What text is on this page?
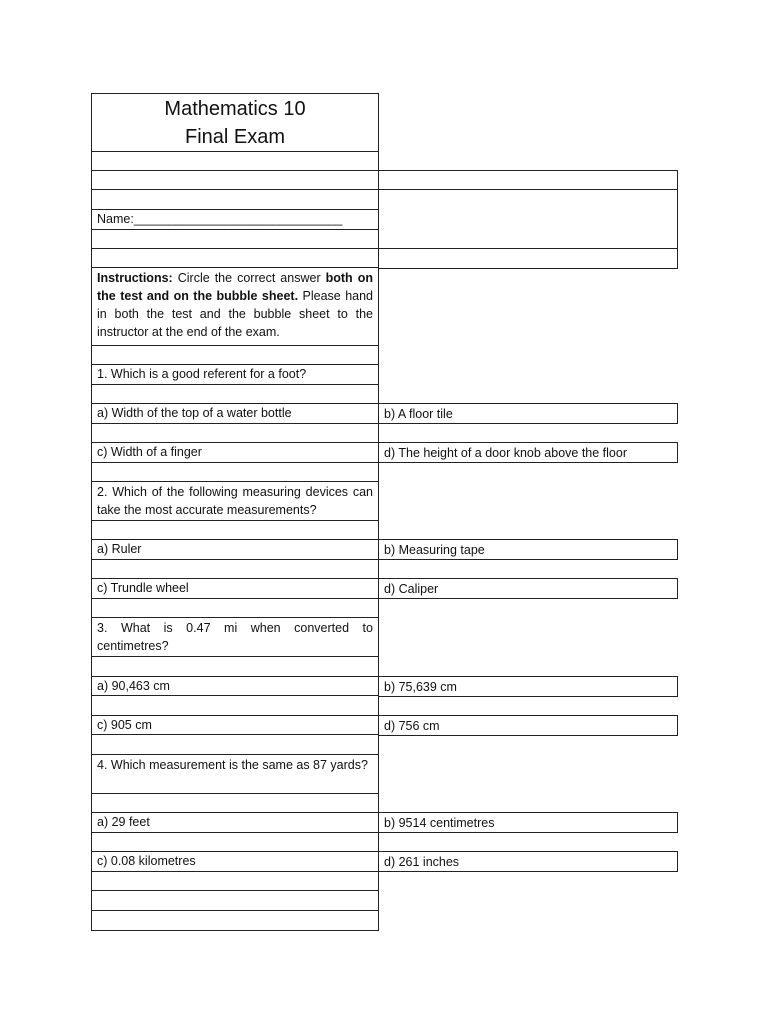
Mathematics 10
Final Exam
Name:______________________________
Instructions: Circle the correct answer both on the test and on the bubble sheet. Please hand in both the test and the bubble sheet to the instructor at the end of the exam.
1. Which is a good referent for a foot?
a) Width of the top of a water bottle	b) A floor tile
c) Width of a finger	d) The height of a door knob above the floor
2. Which of the following measuring devices can take the most accurate measurements?
a) Ruler	b) Measuring tape
c) Trundle wheel	d) Caliper
3. What is 0.47 mi when converted to centimetres?
a) 90,463 cm	b) 75,639 cm
c) 905 cm	d) 756 cm
4. Which measurement is the same as 87 yards?
a) 29 feet	b) 9514 centimetres
c) 0.08 kilometres	d) 261 inches
